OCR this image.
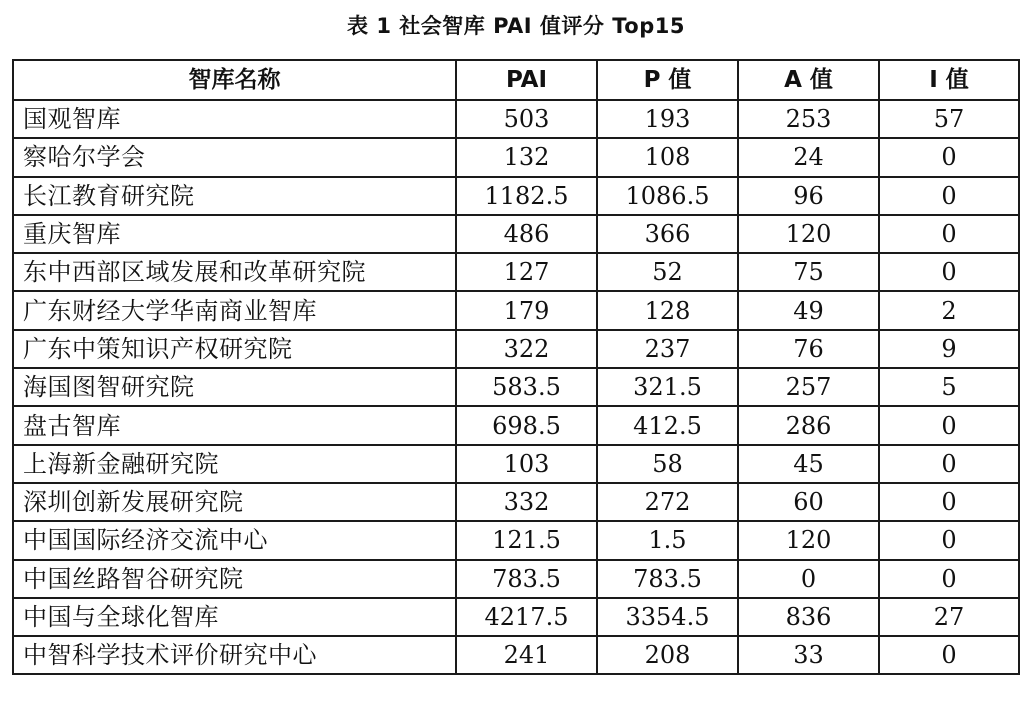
表 1 社会智库 PAI 值评分 Top15
智库名称	PAI	P 值	A 值	I 值
国观智库	503	193	253	57
察哈尔学会	132	108	24	0
长江教育研究院	1182.5	1086.5	96	0
重庆智库	486	366	120	0
东中西部区域发展和改革研究院	127	52	75	0
广东财经大学华南商业智库	179	128	49	2
广东中策知识产权研究院	322	237	76	9
海国图智研究院	583.5	321.5	257	5
盘古智库	698.5	412.5	286	0
上海新金融研究院	103	58	45	0
深圳创新发展研究院	332	272	60	0
中国国际经济交流中心	121.5	1.5	120	0
中国丝路智谷研究院	783.5	783.5	0	0
中国与全球化智库	4217.5	3354.5	836	27
中智科学技术评价研究中心	241	208	33	0
